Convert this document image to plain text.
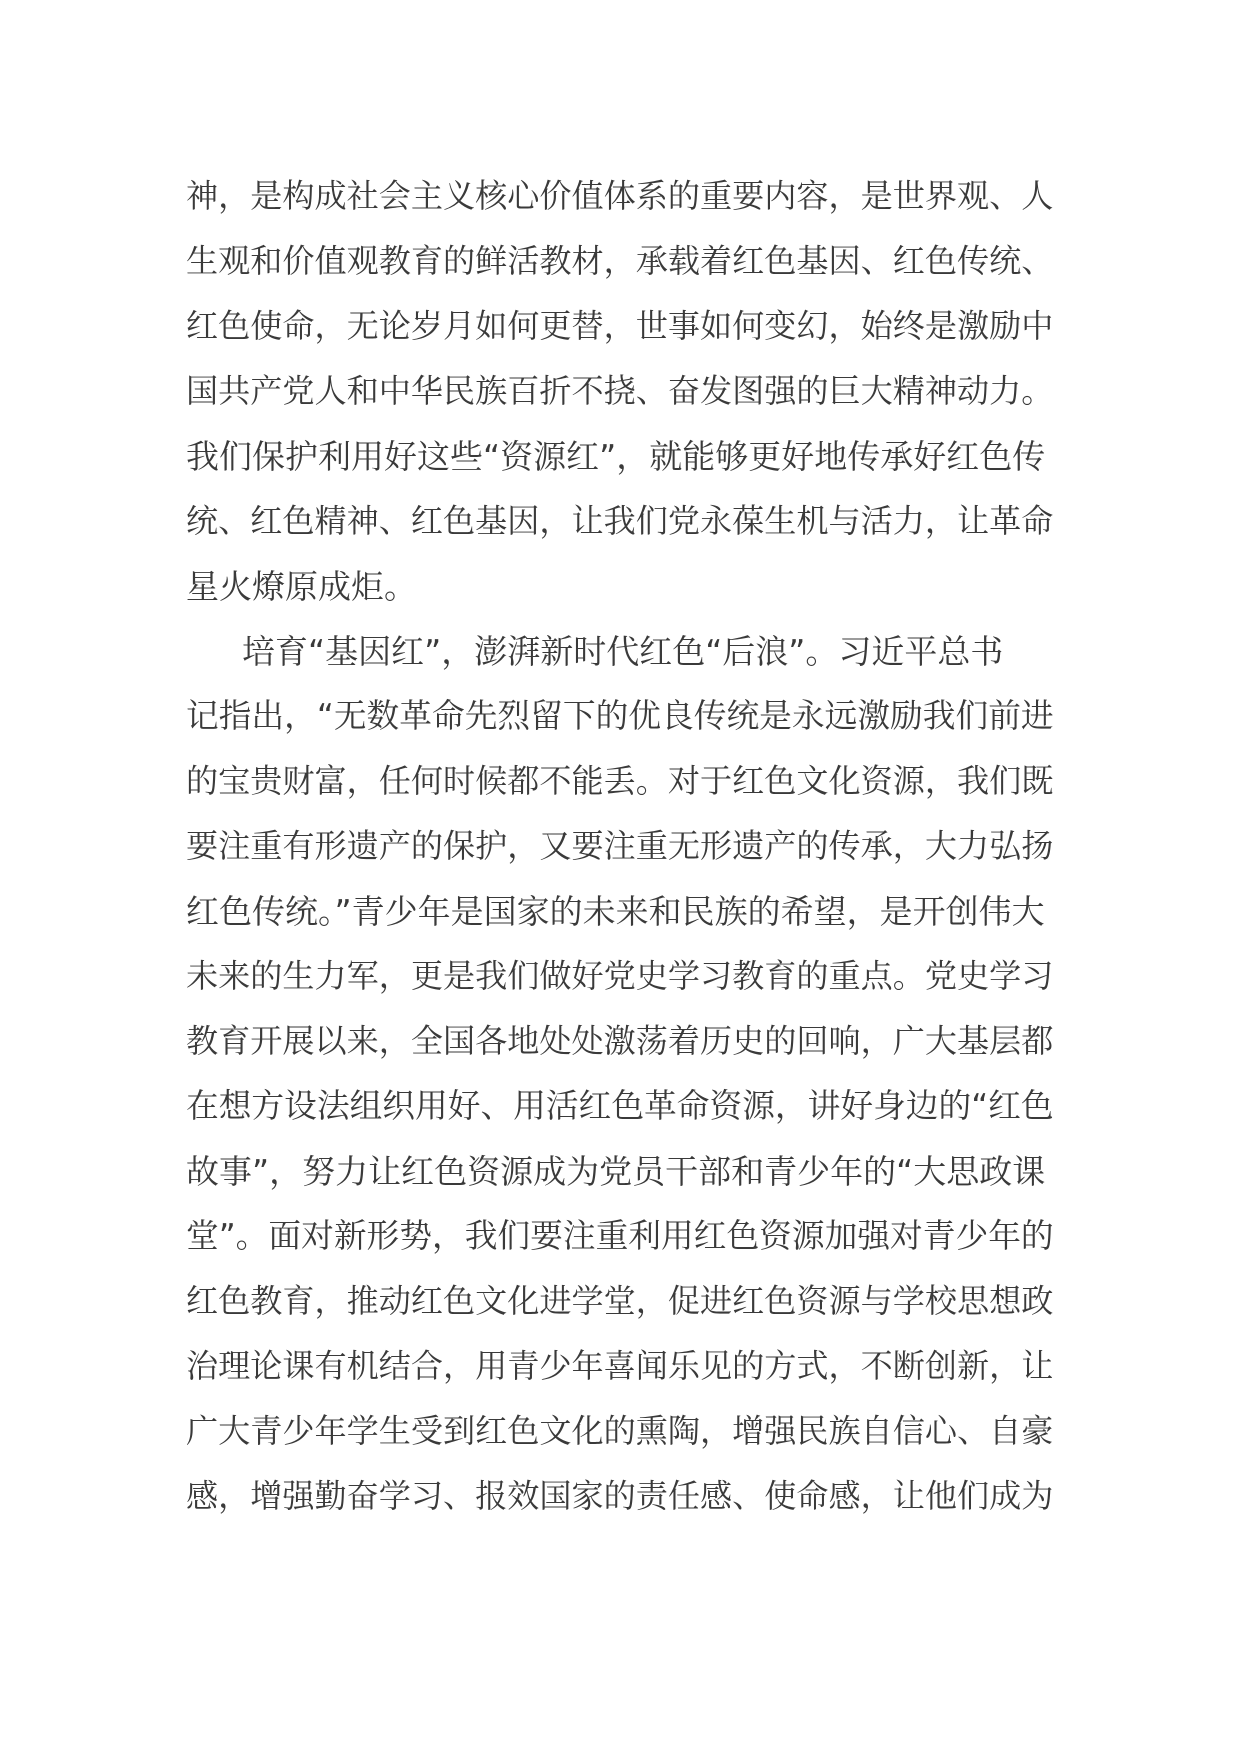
神，是构成社会主义核心价值体系的重要内容，是世界观、人
生观和价值观教育的鲜活教材，承载着红色基因、红色传统、
红色使命，无论岁月如何更替，世事如何变幻，始终是激励中
国共产党人和中华民族百折不挠、奋发图强的巨大精神动力。
我们保护利用好这些“资源红”，就能够更好地传承好红色传
统、红色精神、红色基因，让我们党永葆生机与活力，让革命
星火燎原成炬。
培育“基因红”，澎湃新时代红色“后浪”。习近平总书
记指出，“无数革命先烈留下的优良传统是永远激励我们前进
的宝贵财富，任何时候都不能丢。对于红色文化资源，我们既
要注重有形遗产的保护，又要注重无形遗产的传承，大力弘扬
红色传统。”青少年是国家的未来和民族的希望，是开创伟大
未来的生力军，更是我们做好党史学习教育的重点。党史学习
教育开展以来，全国各地处处激荡着历史的回响，广大基层都
在想方设法组织用好、用活红色革命资源，讲好身边的“红色
故事”，努力让红色资源成为党员干部和青少年的“大思政课
堂”。面对新形势，我们要注重利用红色资源加强对青少年的
红色教育，推动红色文化进学堂，促进红色资源与学校思想政
治理论课有机结合，用青少年喜闻乐见的方式，不断创新，让
广大青少年学生受到红色文化的熏陶，增强民族自信心、自豪
感，增强勤奋学习、报效国家的责任感、使命感，让他们成为
